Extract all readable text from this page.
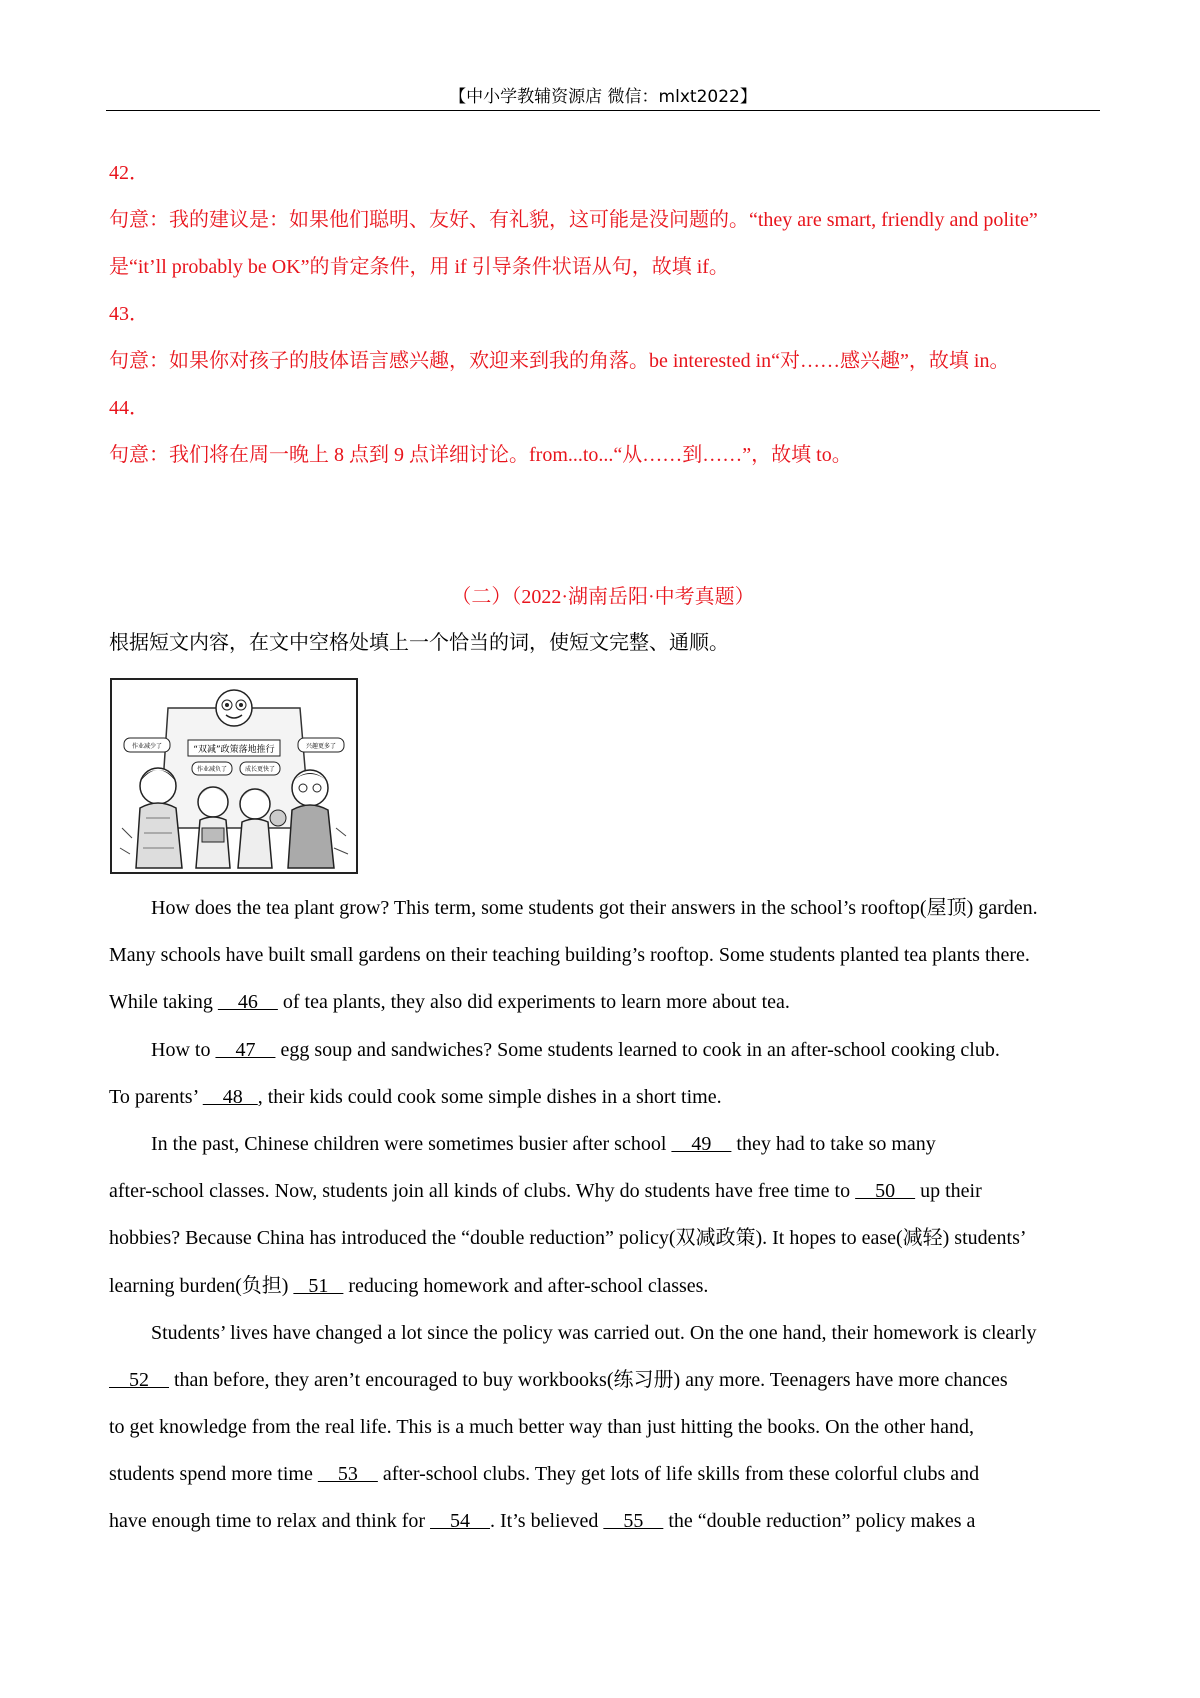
【中小学教辅资源店 微信：mlxt2022】
42．
句意：我的建议是：如果他们聪明、友好、有礼貌，这可能是没问题的。“they are smart, friendly and polite”
是“it’ll probably be OK”的肯定条件，用 if 引导条件状语从句，故填 if。
43．
句意：如果你对孩子的肢体语言感兴趣，欢迎来到我的角落。be interested in“对……感兴趣”，故填 in。
44．
句意：我们将在周一晚上 8 点到 9 点详细讨论。from...to...“从……到……”，故填 to。
（二）（2022·湖南岳阳·中考真题）
根据短文内容，在文中空格处填上一个恰当的词，使短文完整、通顺。
“双减”政策落地推行
作业减少了	兴趣更多了
作业减负了	成长更快了
How does the tea plant grow? This term, some students got their answers in the school’s rooftop(屋顶) garden.
Many schools have built small gardens on their teaching building’s rooftop. Some students planted tea plants there.
While taking     46     of tea plants, they also did experiments to learn more about tea.
How to     47     egg soup and sandwiches? Some students learned to cook in an after-school cooking club.
To parents’     48   , their kids could cook some simple dishes in a short time.
In the past, Chinese children were sometimes busier after school     49     they had to take so many
after-school classes. Now, students join all kinds of clubs. Why do students have free time to     50     up their
hobbies? Because China has introduced the “double reduction” policy(双减政策). It hopes to ease(减轻) students’
learning burden(负担)    51    reducing homework and after-school classes.
Students’ lives have changed a lot since the policy was carried out. On the one hand, their homework is clearly
52     than before, they aren’t encouraged to buy workbooks(练习册) any more. Teenagers have more chances
to get knowledge from the real life. This is a much better way than just hitting the books. On the other hand,
students spend more time     53     after-school clubs. They get lots of life skills from these colorful clubs and
have enough time to relax and think for     54    . It’s believed     55     the “double reduction” policy makes a
